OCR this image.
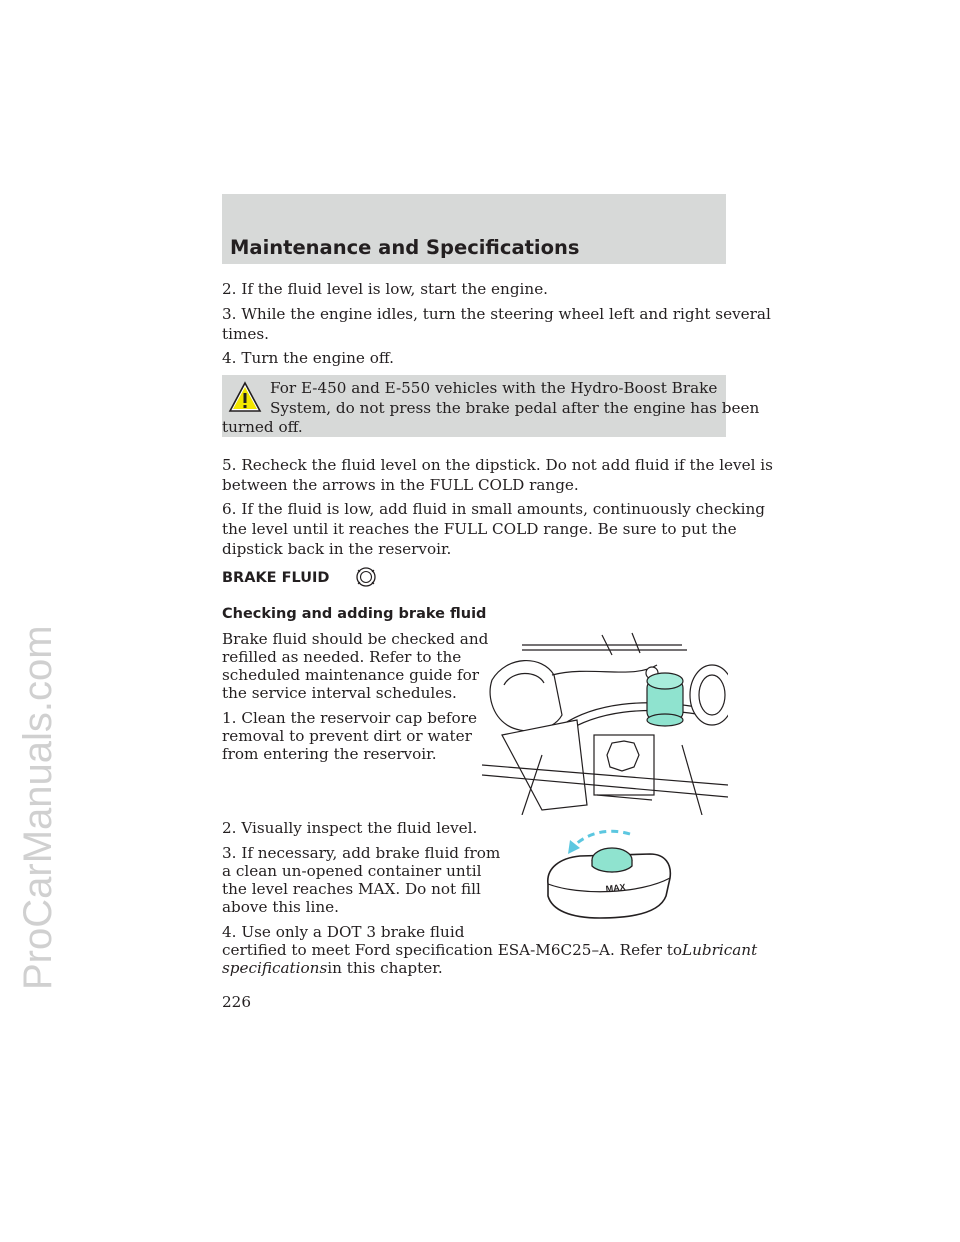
ProCarManuals.com
Maintenance and Specifications

2. If the fluid level is low, start the engine.

3. While the engine idles, turn the steering wheel left and right several

times.

4. Turn the engine off.

For E-450 and E-550 vehicles with the Hydro-Boost Brake
System, do not press the brake pedal after the engine has been
turned off.

5. Recheck the fluid level on the dipstick. Do not add fluid if the level is

between the arrows in the FULL COLD range.

6. If the fluid is low, add fluid in small amounts, continuously checking

the level until it reaches the FULL COLD range. Be sure to put the

dipstick back in the reservoir.

BRAKE FLUID
Checking and adding brake fluid

Brake fluid should be checked and

refilled as needed. Refer to the

scheduled maintenance guide for

the service interval schedules.

1. Clean the reservoir cap before

removal to prevent dirt or water

from entering the reservoir.

2. Visually inspect the fluid level.

3. If necessary, add brake fluid from

a clean un-opened container until

the level reaches MAX. Do not fill

above this line.

MAX

4. Use only a DOT 3 brake fluid

certified to meet Ford specification ESA-M6C25–A. Refer toLubricant

specificationsin this chapter.

226
